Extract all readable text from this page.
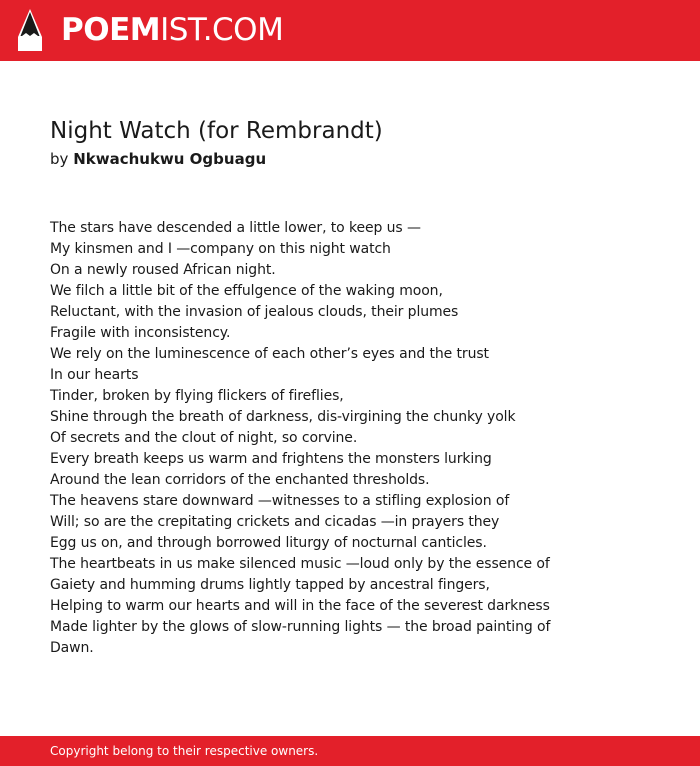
POEMIST.COM
Night Watch (for Rembrandt)
by Nkwachukwu Ogbuagu
The stars have descended a little lower, to keep us —
My kinsmen and I —company on this night watch
On a newly roused African night.
We filch a little bit of the effulgence of the waking moon,
Reluctant, with the invasion of jealous clouds, their plumes
Fragile with inconsistency.
We rely on the luminescence of each other’s eyes and the trust
In our hearts
Tinder, broken by flying flickers of fireflies,
Shine through the breath of darkness, dis-virgining the chunky yolk
Of secrets and the clout of night, so corvine.
Every breath keeps us warm and frightens the monsters lurking
Around the lean corridors of the enchanted thresholds.
The heavens stare downward —witnesses to a stifling explosion of
Will; so are the crepitating crickets and cicadas —in prayers they
Egg us on, and through borrowed liturgy of nocturnal canticles.
The heartbeats in us make silenced music —loud only by the essence of
Gaiety and humming drums lightly tapped by ancestral fingers,
Helping to warm our hearts and will in the face of the severest darkness
Made lighter by the glows of slow-running lights — the broad painting of
Dawn.
Copyright belong to their respective owners.
